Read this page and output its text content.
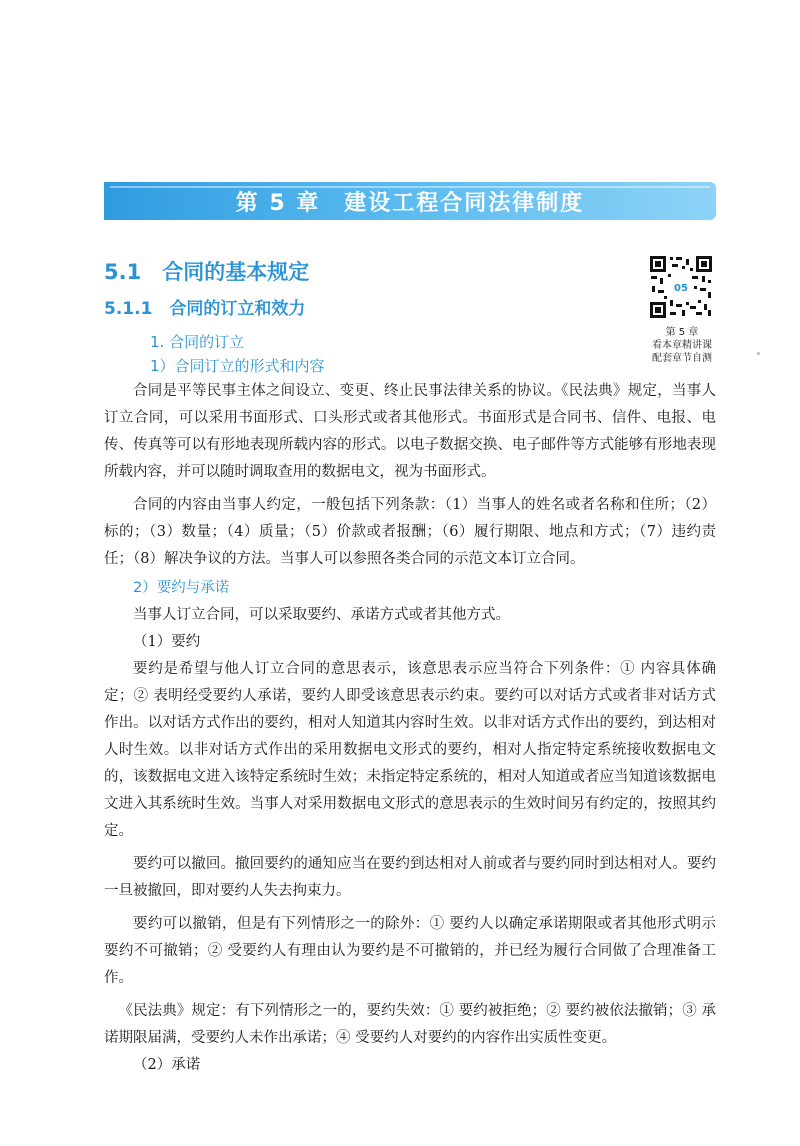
第 5 章　建设工程合同法律制度
5.1　合同的基本规定
5.1.1　合同的订立和效力
1. 合同的订立
1）合同订立的形式和内容
05
第 5 章
看本章精讲课
配套章节自测

合同是平等民事主体之间设立、变更、终止民事法律关系的协议。《民法典》规定，当事人订立合同，可以采用书面形式、口头形式或者其他形式。书面形式是合同书、信件、电报、电传、传真等可以有形地表现所载内容的形式。以电子数据交换、电子邮件等方式能够有形地表现所载内容，并可以随时调取查用的数据电文，视为书面形式。

合同的内容由当事人约定，一般包括下列条款：（1）当事人的姓名或者名称和住所；（2）标的；（3）数量；（4）质量；（5）价款或者报酬；（6）履行期限、地点和方式；（7）违约责任；（8）解决争议的方法。当事人可以参照各类合同的示范文本订立合同。

2）要约与承诺

当事人订立合同，可以采取要约、承诺方式或者其他方式。

（1）要约

要约是希望与他人订立合同的意思表示，该意思表示应当符合下列条件：① 内容具体确定；② 表明经受要约人承诺，要约人即受该意思表示约束。要约可以对话方式或者非对话方式作出。以对话方式作出的要约，相对人知道其内容时生效。以非对话方式作出的要约，到达相对人时生效。以非对话方式作出的采用数据电文形式的要约，相对人指定特定系统接收数据电文的，该数据电文进入该特定系统时生效；未指定特定系统的，相对人知道或者应当知道该数据电文进入其系统时生效。当事人对采用数据电文形式的意思表示的生效时间另有约定的，按照其约定。

要约可以撤回。撤回要约的通知应当在要约到达相对人前或者与要约同时到达相对人。要约一旦被撤回，即对要约人失去拘束力。

要约可以撤销，但是有下列情形之一的除外：① 要约人以确定承诺期限或者其他形式明示要约不可撤销；② 受要约人有理由认为要约是不可撤销的，并已经为履行合同做了合理准备工作。

《民法典》规定：有下列情形之一的，要约失效：① 要约被拒绝；② 要约被依法撤销；③ 承诺期限届满，受要约人未作出承诺；④ 受要约人对要约的内容作出实质性变更。

（2）承诺
